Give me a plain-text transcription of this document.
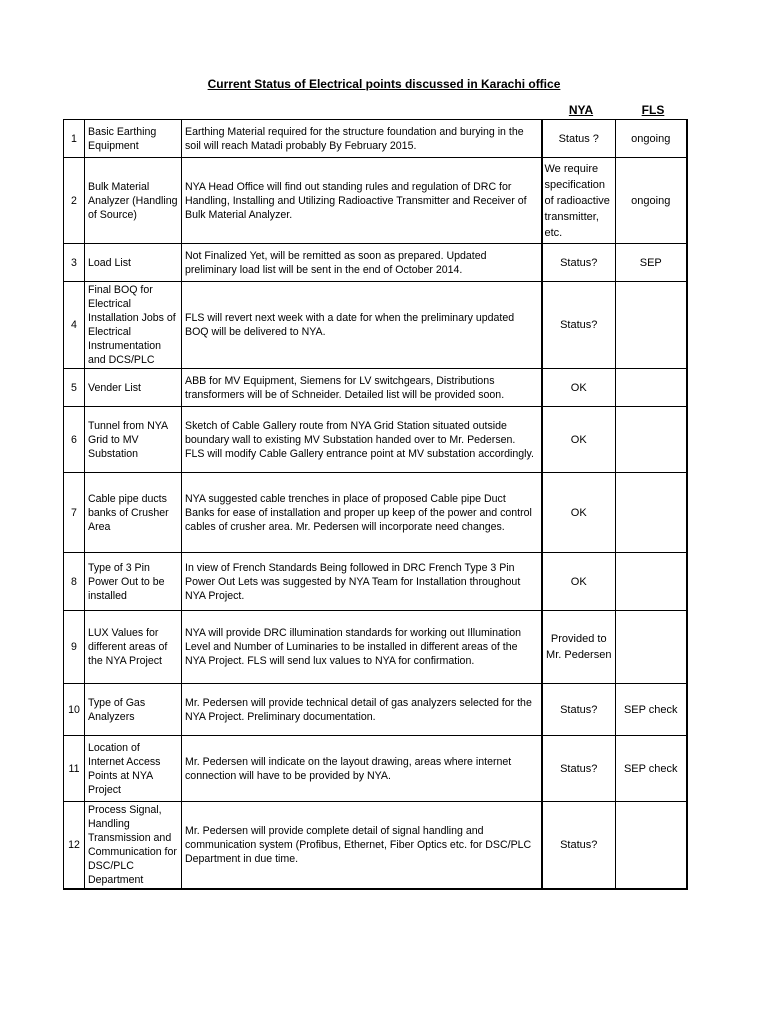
Current Status of Electrical points discussed in Karachi office
NYA	FLS
1	Basic Earthing Equipment	Earthing Material required for the structure foundation and burying in the soil will reach Matadi probably By February 2015.	Status ?	ongoing
2	Bulk Material Analyzer (Handling of Source)	NYA Head Office will find out standing rules and regulation of DRC for Handling, Installing and Utilizing Radioactive Transmitter and Receiver of Bulk Material Analyzer.	We require specification of radioactive transmitter, etc.	ongoing
3	Load List	Not Finalized Yet, will be remitted as soon as prepared. Updated preliminary load list will be sent in the end of October 2014.	Status?	SEP
4	Final BOQ for Electrical Installation Jobs of Electrical Instrumentation and DCS/PLC	FLS will revert next week with a date for when the preliminary updated BOQ will be delivered to NYA.	Status?	
5	Vender List	ABB for MV Equipment, Siemens for LV switchgears, Distributions transformers will be of Schneider. Detailed list will be provided soon.	OK	
6	Tunnel from NYA Grid to MV Substation	Sketch of Cable Gallery route from NYA Grid Station situated outside boundary wall to existing MV Substation handed over to Mr. Pedersen. FLS will modify Cable Gallery entrance point at MV substation accordingly.	OK	
7	Cable pipe ducts banks of Crusher Area	NYA suggested cable trenches in place of proposed Cable pipe Duct Banks for ease of installation and proper up keep of the power and control cables of crusher area. Mr. Pedersen will incorporate need changes.	OK	
8	Type of 3 Pin Power Out to be installed	In view of French Standards Being followed in DRC French Type 3 Pin Power Out Lets was suggested by NYA Team for Installation throughout NYA Project.	OK	
9	LUX Values for different areas of the NYA Project	NYA will provide DRC illumination standards for working out Illumination Level and Number of Luminaries to be installed in different areas of the NYA Project. FLS will send lux values to NYA for confirmation.	Provided to Mr. Pedersen	
10	Type of Gas Analyzers	Mr. Pedersen will provide technical detail of gas analyzers selected for the NYA Project. Preliminary documentation.	Status?	SEP check
11	Location of Internet Access Points at NYA Project	Mr. Pedersen will indicate on the layout drawing, areas where internet connection will have to be provided by NYA.	Status?	SEP check
12	Process Signal, Handling Transmission and Communication for DSC/PLC Department	Mr. Pedersen will provide complete detail of signal handling and communication system (Profibus, Ethernet, Fiber Optics etc. for DSC/PLC Department in due time.	Status?	
